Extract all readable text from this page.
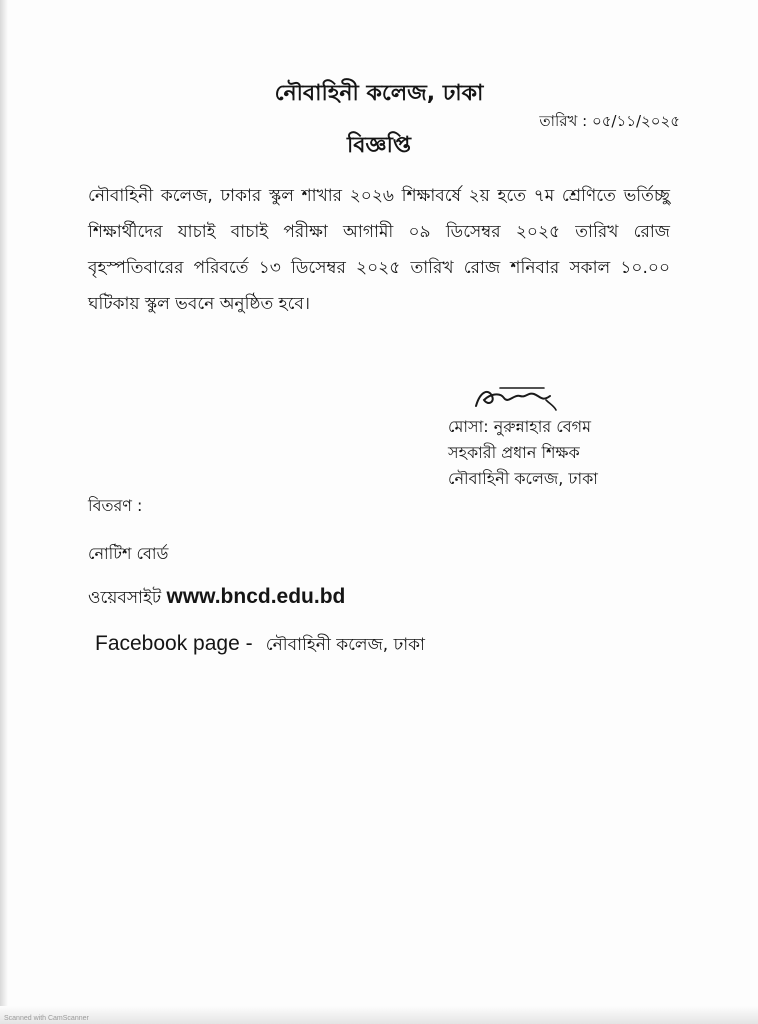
নৌবাহিনী কলেজ, ঢাকা
তারিখ : ০৫/১১/২০২৫
বিজ্ঞপ্তি
নৌবাহিনী কলেজ, ঢাকার স্কুল শাখার ২০২৬ শিক্ষাবর্ষে ২য় হতে ৭ম শ্রেণিতে ভর্তিচ্ছু শিক্ষার্থীদের যাচাই বাচাই পরীক্ষা আগামী ০৯ ডিসেম্বর ২০২৫ তারিখ রোজ বৃহস্পতিবারের পরিবর্তে ১৩ ডিসেম্বর ২০২৫ তারিখ রোজ শনিবার সকাল ১০.০০ ঘটিকায় স্কুল ভবনে অনুষ্ঠিত হবে।
মোসা: নুরুন্নাহার বেগম
সহকারী প্রধান শিক্ষক
নৌবাহিনী কলেজ, ঢাকা
বিতরণ :
নোটিশ বোর্ড
ওয়েবসাইট www.bncd.edu.bd
Facebook page - নৌবাহিনী কলেজ, ঢাকা
Scanned with CamScanner
